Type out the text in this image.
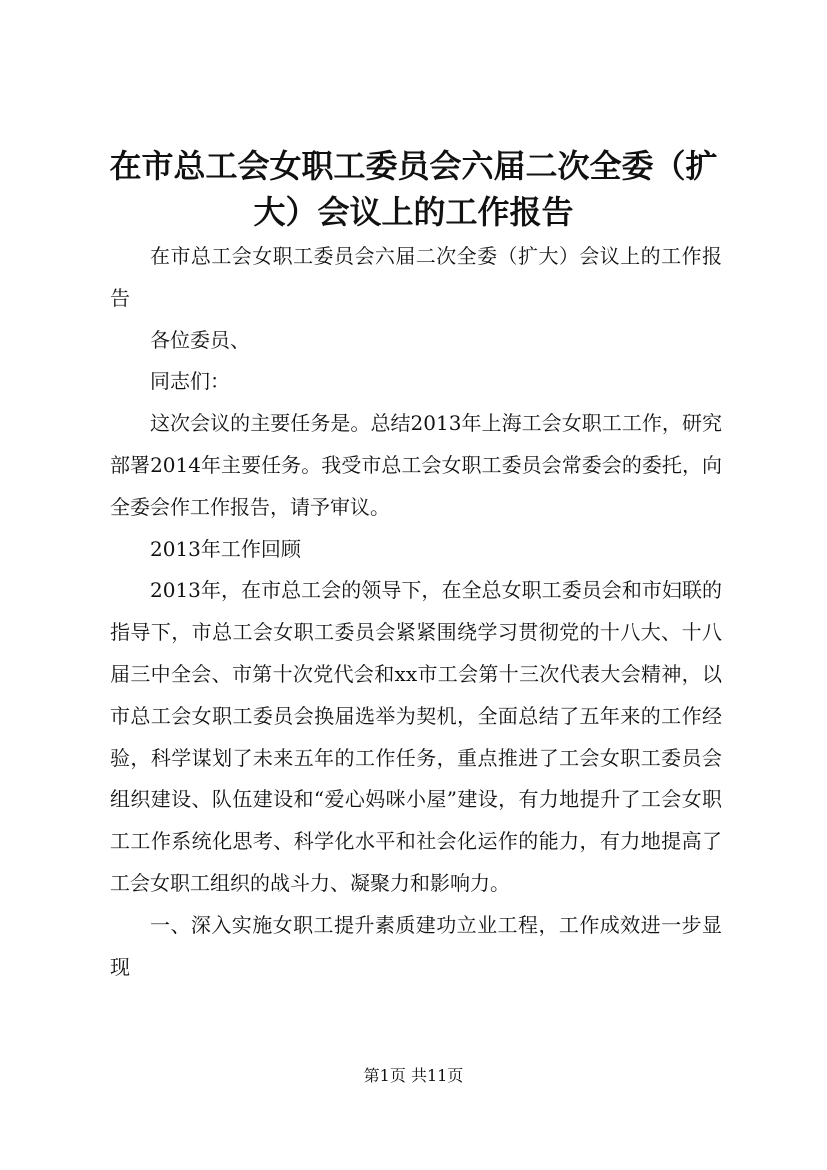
在市总工会女职工委员会六届二次全委（扩大）会议上的工作报告

在市总工会女职工委员会六届二次全委（扩大）会议上的工作报告

各位委员、

同志们：

这次会议的主要任务是。总结2013年上海工会女职工工作，研究部署2014年主要任务。我受市总工会女职工委员会常委会的委托，向全委会作工作报告，请予审议。

2013年工作回顾

2013年，在市总工会的领导下，在全总女职工委员会和市妇联的指导下，市总工会女职工委员会紧紧围绕学习贯彻党的十八大、十八届三中全会、市第十次党代会和xx市工会第十三次代表大会精神，以市总工会女职工委员会换届选举为契机，全面总结了五年来的工作经验，科学谋划了未来五年的工作任务，重点推进了工会女职工委员会组织建设、队伍建设和“爱心妈咪小屋”建设，有力地提升了工会女职工工作系统化思考、科学化水平和社会化运作的能力，有力地提高了工会女职工组织的战斗力、凝聚力和影响力。

一、深入实施女职工提升素质建功立业工程，工作成效进一步显现

第1页 共11页
